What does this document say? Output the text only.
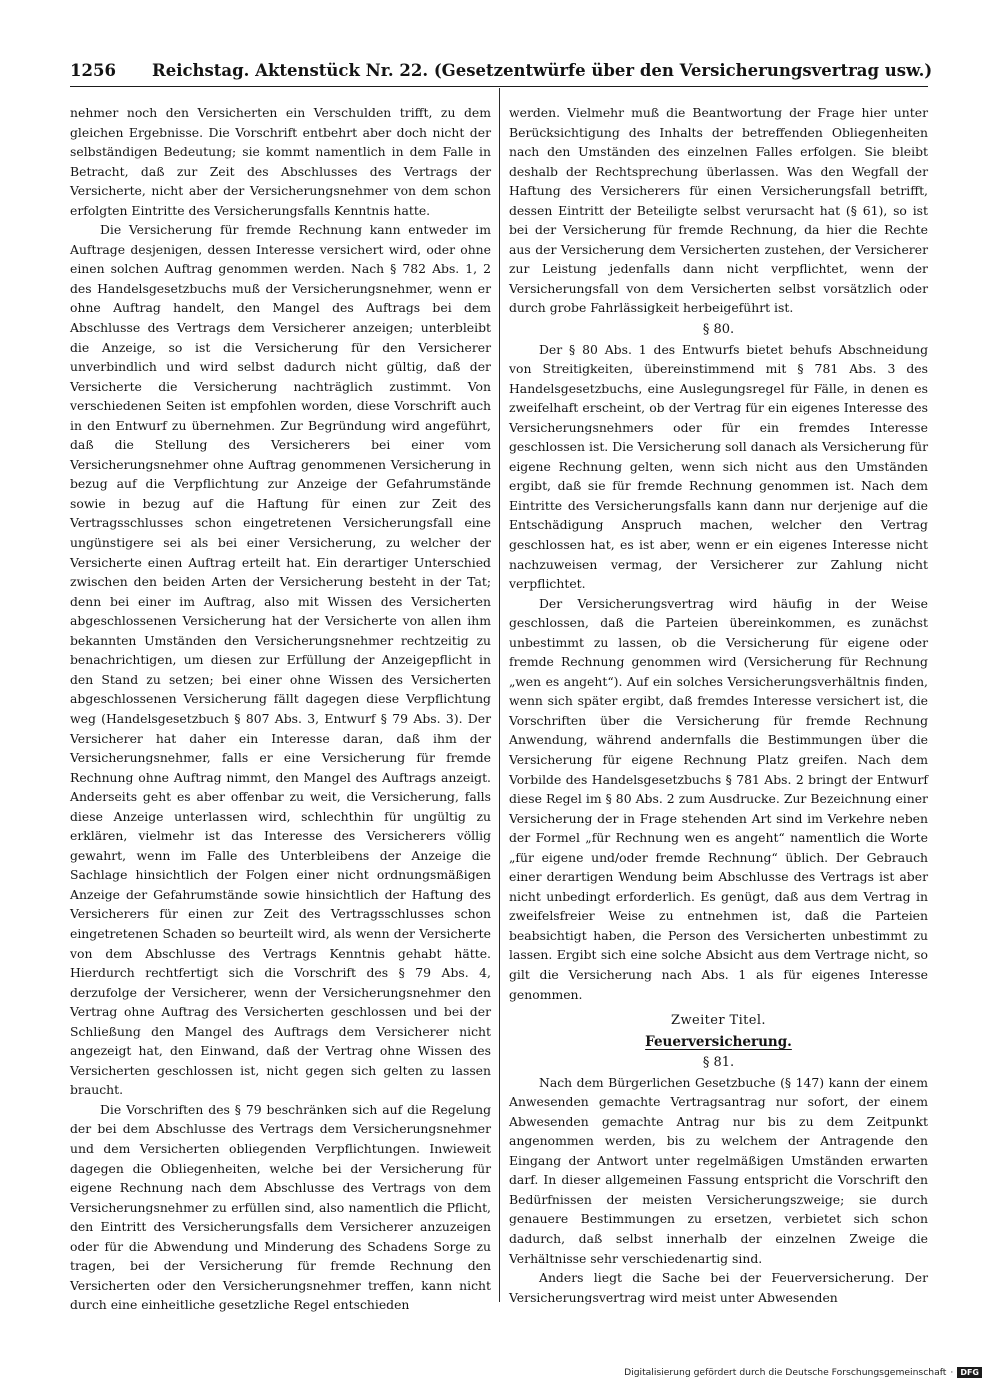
1256 Reichstag. Aktenstück Nr. 22. (Gesetzentwürfe über den Versicherungsvertrag usw.)

nehmer noch den Versicherten ein Verschulden trifft, zu dem gleichen Ergebnisse. Die Vorschrift entbehrt aber doch nicht der selbständigen Bedeutung; sie kommt namentlich in dem Falle in Betracht, daß zur Zeit des Abschlusses des Vertrags der Versicherte, nicht aber der Versicherungsnehmer von dem schon erfolgten Eintritte des Versicherungsfalls Kenntnis hatte.

Die Versicherung für fremde Rechnung kann entweder im Auftrage desjenigen, dessen Interesse versichert wird, oder ohne einen solchen Auftrag genommen werden. Nach § 782 Abs. 1, 2 des Handelsgesetzbuchs muß der Versicherungsnehmer, wenn er ohne Auftrag handelt, den Mangel des Auftrags bei dem Abschlusse des Vertrags dem Versicherer anzeigen; unterbleibt die Anzeige, so ist die Versicherung für den Versicherer unverbindlich und wird selbst dadurch nicht gültig, daß der Versicherte die Versicherung nachträglich zustimmt. Von verschiedenen Seiten ist empfohlen worden, diese Vorschrift auch in den Entwurf zu übernehmen. Zur Begründung wird angeführt, daß die Stellung des Versicherers bei einer vom Versicherungsnehmer ohne Auftrag genommenen Versicherung in bezug auf die Verpflichtung zur Anzeige der Gefahrumstände sowie in bezug auf die Haftung für einen zur Zeit des Vertragsschlusses schon eingetretenen Versicherungsfall eine ungünstigere sei als bei einer Versicherung, zu welcher der Versicherte einen Auftrag erteilt hat. Ein derartiger Unterschied zwischen den beiden Arten der Versicherung besteht in der Tat; denn bei einer im Auftrag, also mit Wissen des Versicherten abgeschlossenen Versicherung hat der Versicherte von allen ihm bekannten Umständen den Versicherungsnehmer rechtzeitig zu benachrichtigen, um diesen zur Erfüllung der Anzeigepflicht in den Stand zu setzen; bei einer ohne Wissen des Versicherten abgeschlossenen Versicherung fällt dagegen diese Verpflichtung weg (Handelsgesetzbuch § 807 Abs. 3, Entwurf § 79 Abs. 3). Der Versicherer hat daher ein Interesse daran, daß ihm der Versicherungsnehmer, falls er eine Versicherung für fremde Rechnung ohne Auftrag nimmt, den Mangel des Auftrags anzeigt. Anderseits geht es aber offenbar zu weit, die Versicherung, falls diese Anzeige unterlassen wird, schlechthin für ungültig zu erklären, vielmehr ist das Interesse des Versicherers völlig gewahrt, wenn im Falle des Unterbleibens der Anzeige die Sachlage hinsichtlich der Folgen einer nicht ordnungsmäßigen Anzeige der Gefahrumstände sowie hinsichtlich der Haftung des Versicherers für einen zur Zeit des Vertragsschlusses schon eingetretenen Schaden so beurteilt wird, als wenn der Versicherte von dem Abschlusse des Vertrags Kenntnis gehabt hätte. Hierdurch rechtfertigt sich die Vorschrift des § 79 Abs. 4, derzufolge der Versicherer, wenn der Versicherungsnehmer den Vertrag ohne Auftrag des Versicherten geschlossen und bei der Schließung den Mangel des Auftrags dem Versicherer nicht angezeigt hat, den Einwand, daß der Vertrag ohne Wissen des Versicherten geschlossen ist, nicht gegen sich gelten zu lassen braucht.

Die Vorschriften des § 79 beschränken sich auf die Regelung der bei dem Abschlusse des Vertrags dem Versicherungsnehmer und dem Versicherten obliegenden Verpflichtungen. Inwieweit dagegen die Obliegenheiten, welche bei der Versicherung für eigene Rechnung nach dem Abschlusse des Vertrags von dem Versicherungsnehmer zu erfüllen sind, also namentlich die Pflicht, den Eintritt des Versicherungsfalls dem Versicherer anzuzeigen oder für die Abwendung und Minderung des Schadens Sorge zu tragen, bei der Versicherung für fremde Rechnung den Versicherten oder den Versicherungsnehmer treffen, kann nicht durch eine einheitliche gesetzliche Regel entschieden

werden. Vielmehr muß die Beantwortung der Frage hier unter Berücksichtigung des Inhalts der betreffenden Obliegenheiten nach den Umständen des einzelnen Falles erfolgen. Sie bleibt deshalb der Rechtsprechung überlassen. Was den Wegfall der Haftung des Versicherers für einen Versicherungsfall betrifft, dessen Eintritt der Beteiligte selbst verursacht hat (§ 61), so ist bei der Versicherung für fremde Rechnung, da hier die Rechte aus der Versicherung dem Versicherten zustehen, der Versicherer zur Leistung jedenfalls dann nicht verpflichtet, wenn der Versicherungsfall von dem Versicherten selbst vorsätzlich oder durch grobe Fahrlässigkeit herbeigeführt ist.

§ 80.

Der § 80 Abs. 1 des Entwurfs bietet behufs Abschneidung von Streitigkeiten, übereinstimmend mit § 781 Abs. 3 des Handelsgesetzbuchs, eine Auslegungsregel für Fälle, in denen es zweifelhaft erscheint, ob der Vertrag für ein eigenes Interesse des Versicherungsnehmers oder für ein fremdes Interesse geschlossen ist. Die Versicherung soll danach als Versicherung für eigene Rechnung gelten, wenn sich nicht aus den Umständen ergibt, daß sie für fremde Rechnung genommen ist. Nach dem Eintritte des Versicherungsfalls kann dann nur derjenige auf die Entschädigung Anspruch machen, welcher den Vertrag geschlossen hat, es ist aber, wenn er ein eigenes Interesse nicht nachzuweisen vermag, der Versicherer zur Zahlung nicht verpflichtet.

Der Versicherungsvertrag wird häufig in der Weise geschlossen, daß die Parteien übereinkommen, es zunächst unbestimmt zu lassen, ob die Versicherung für eigene oder fremde Rechnung genommen wird (Versicherung für Rechnung „wen es angeht“). Auf ein solches Versicherungsverhältnis finden, wenn sich später ergibt, daß fremdes Interesse versichert ist, die Vorschriften über die Versicherung für fremde Rechnung Anwendung, während andernfalls die Bestimmungen über die Versicherung für eigene Rechnung Platz greifen. Nach dem Vorbilde des Handelsgesetzbuchs § 781 Abs. 2 bringt der Entwurf diese Regel im § 80 Abs. 2 zum Ausdrucke. Zur Bezeichnung einer Versicherung der in Frage stehenden Art sind im Verkehre neben der Formel „für Rechnung wen es angeht“ namentlich die Worte „für eigene und/oder fremde Rechnung“ üblich. Der Gebrauch einer derartigen Wendung beim Abschlusse des Vertrags ist aber nicht unbedingt erforderlich. Es genügt, daß aus dem Vertrag in zweifelsfreier Weise zu entnehmen ist, daß die Parteien beabsichtigt haben, die Person des Versicherten unbestimmt zu lassen. Ergibt sich eine solche Absicht aus dem Vertrage nicht, so gilt die Versicherung nach Abs. 1 als für eigenes Interesse genommen.

Zweiter Titel.
Feuerversicherung.
§ 81.

Nach dem Bürgerlichen Gesetzbuche (§ 147) kann der einem Anwesenden gemachte Vertragsantrag nur sofort, der einem Abwesenden gemachte Antrag nur bis zu dem Zeitpunkt angenommen werden, bis zu welchem der Antragende den Eingang der Antwort unter regelmäßigen Umständen erwarten darf. In dieser allgemeinen Fassung entspricht die Vorschrift den Bedürfnissen der meisten Versicherungszweige; sie durch genauere Bestimmungen zu ersetzen, verbietet sich schon dadurch, daß selbst innerhalb der einzelnen Zweige die Verhältnisse sehr verschiedenartig sind.

Anders liegt die Sache bei der Feuerversicherung. Der Versicherungsvertrag wird meist unter Abwesenden

Digitalisierung gefördert durch die Deutsche Forschungsgemeinschaft · DFG
